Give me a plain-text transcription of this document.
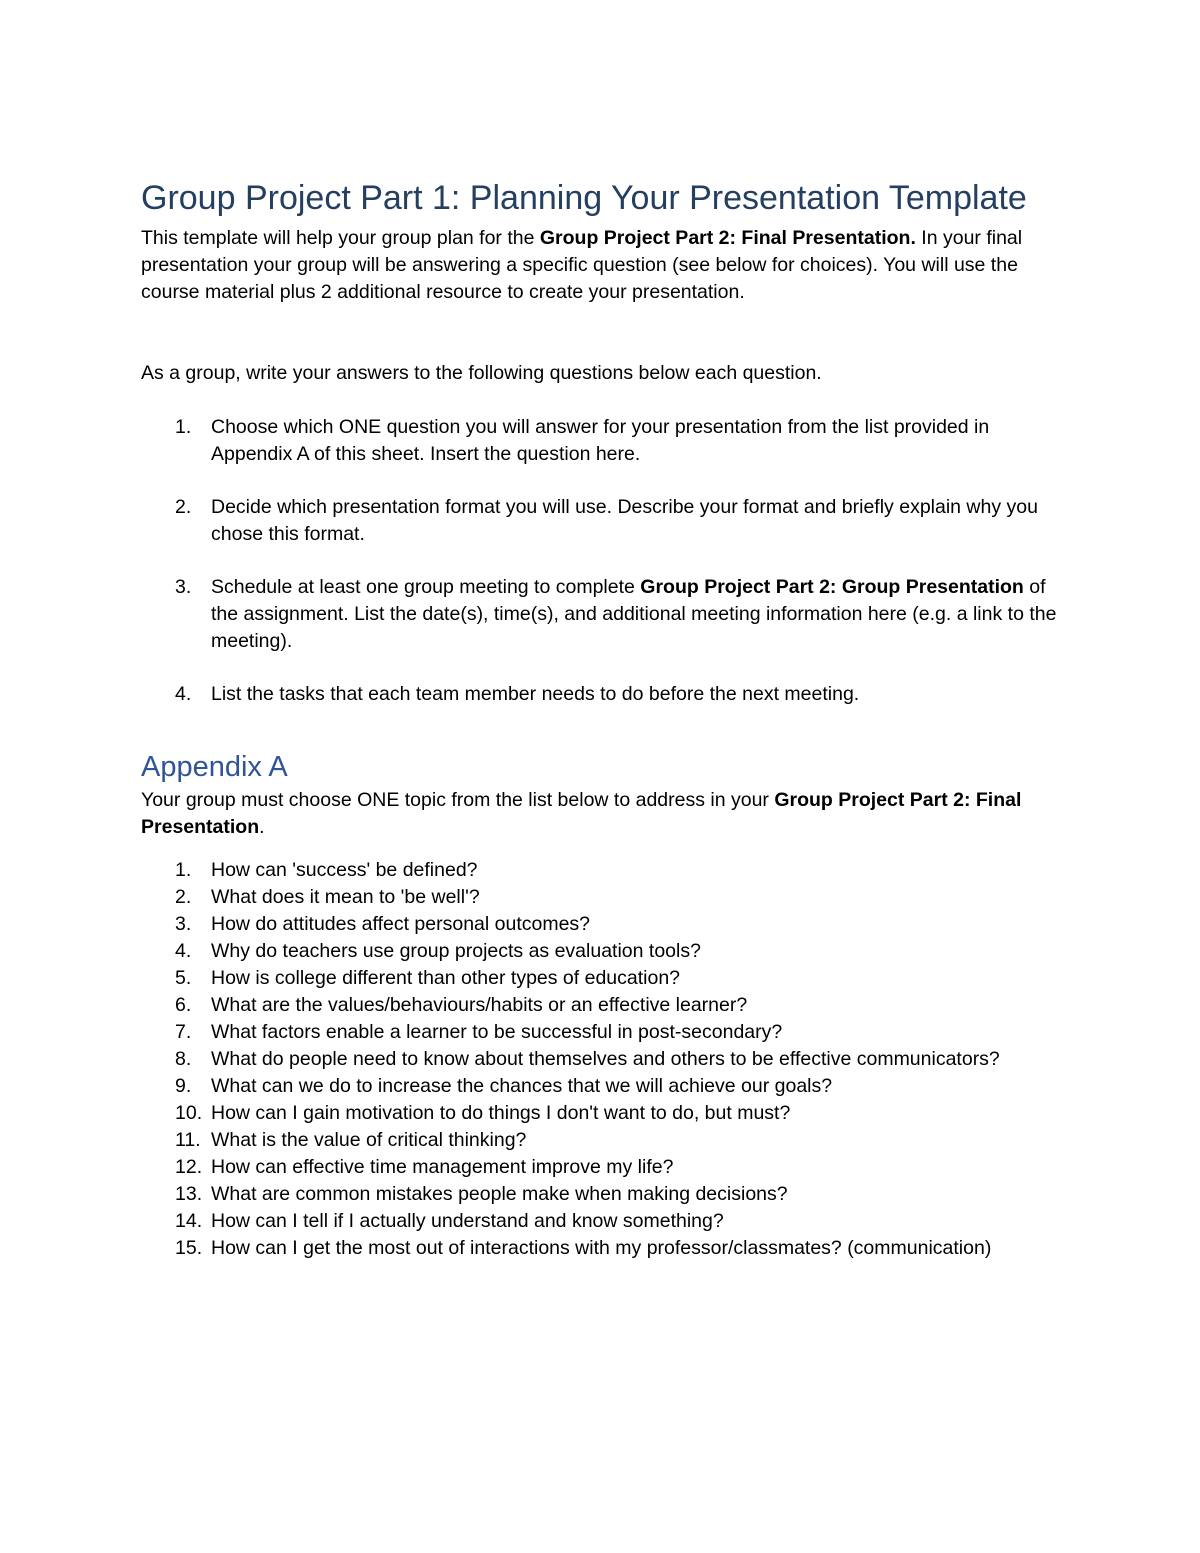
Group Project Part 1: Planning Your Presentation Template

This template will help your group plan for the Group Project Part 2: Final Presentation. In your final presentation your group will be answering a specific question (see below for choices). You will use the course material plus 2 additional resource to create your presentation.

As a group, write your answers to the following questions below each question.

1. Choose which ONE question you will answer for your presentation from the list provided in Appendix A of this sheet. Insert the question here.
2. Decide which presentation format you will use. Describe your format and briefly explain why you chose this format.
3. Schedule at least one group meeting to complete Group Project Part 2: Group Presentation of the assignment. List the date(s), time(s), and additional meeting information here (e.g. a link to the meeting).
4. List the tasks that each team member needs to do before the next meeting.
Appendix A

Your group must choose ONE topic from the list below to address in your Group Project Part 2: Final Presentation.

1. How can 'success' be defined?
2. What does it mean to 'be well'?
3. How do attitudes affect personal outcomes?
4. Why do teachers use group projects as evaluation tools?
5. How is college different than other types of education?
6. What are the values/behaviours/habits or an effective learner?
7. What factors enable a learner to be successful in post-secondary?
8. What do people need to know about themselves and others to be effective communicators?
9. What can we do to increase the chances that we will achieve our goals?
10. How can I gain motivation to do things I don't want to do, but must?
11. What is the value of critical thinking?
12. How can effective time management improve my life?
13. What are common mistakes people make when making decisions?
14. How can I tell if I actually understand and know something?
15. How can I get the most out of interactions with my professor/classmates? (communication)
